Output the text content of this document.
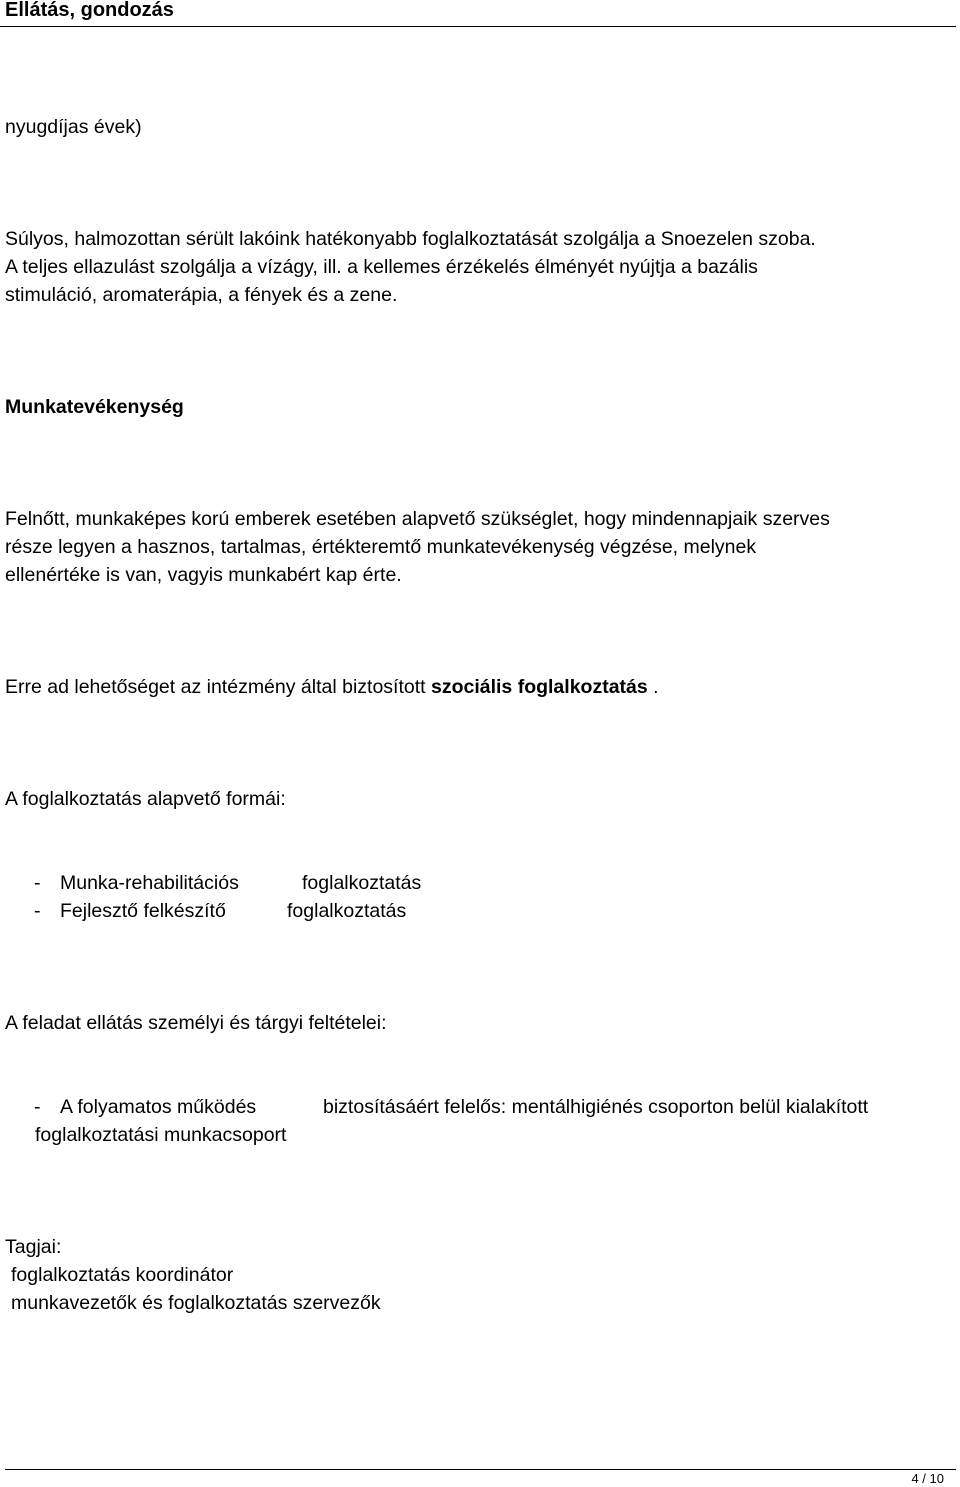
Ellátás, gondozás
nyugdíjas évek)
Súlyos, halmozottan sérült lakóink hatékonyabb foglalkoztatását szolgálja a Snoezelen szoba.
A teljes ellazulást szolgálja a vízágy, ill. a kellemes érzékelés élményét nyújtja a bazális
stimuláció, aromaterápia, a fények és a zene.
Munkatevékenység
Felnőtt, munkaképes korú emberek esetében alapvető szükséglet, hogy mindennapjaik szerves
része legyen a hasznos, tartalmas, értékteremtő munkatevékenység végzése, melynek
ellenértéke is van, vagyis munkabért kap érte.
Erre ad lehetőséget az intézmény által biztosított szociális foglalkoztatás .
A foglalkoztatás alapvető formái:
- Munka-rehabilitációs	foglalkoztatás
- Fejlesztő felkészítő	foglalkoztatás
A feladat ellátás személyi és tárgyi feltételei:
- A folyamatos működés	biztosításáért felelős: mentálhigiénés csoporton belül kialakított
foglalkoztatási munkacsoport
Tagjai:
foglalkoztatás koordinátor
munkavezetők és foglalkoztatás szervezők
4 / 10
